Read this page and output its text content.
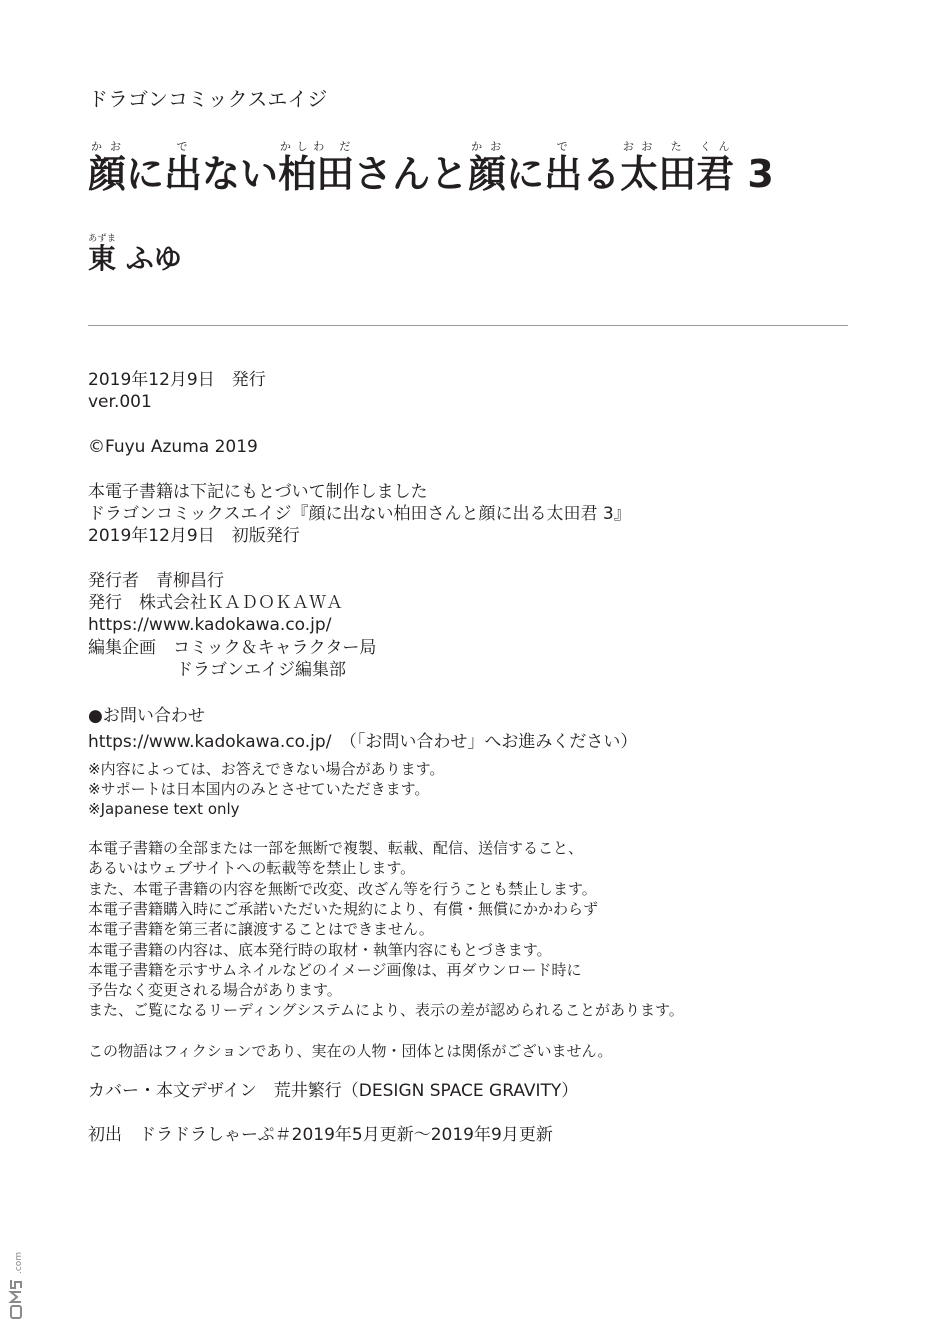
ドラゴンコミックスエイジ
顔かおに出でない柏田かしわ ださんと顔かおに出でる太田君おお た くん 3
東あずま ふゆ
2019年12月9日　発行
ver.001
©Fuyu Azuma 2019
本電子書籍は下記にもとづいて制作しました
ドラゴンコミックスエイジ『顔に出ない柏田さんと顔に出る太田君 3』
2019年12月9日　初版発行
発行者　青柳昌行
発行　株式会社ＫＡＤＯＫＡＷＡ
https://www.kadokawa.co.jp/
編集企画　コミック＆キャラクター局
ドラゴンエイジ編集部
●お問い合わせ
https://www.kadokawa.co.jp/　（「お問い合わせ」へお進みください）
※内容によっては、お答えできない場合があります。
※サポートは日本国内のみとさせていただきます。
※Japanese text only
本電子書籍の全部または一部を無断で複製、転載、配信、送信すること、
あるいはウェブサイトへの転載等を禁止します。
また、本電子書籍の内容を無断で改変、改ざん等を行うことも禁止します。
本電子書籍購入時にご承諾いただいた規約により、有償・無償にかかわらず
本電子書籍を第三者に譲渡することはできません。
本電子書籍の内容は、底本発行時の取材・執筆内容にもとづきます。
本電子書籍を示すサムネイルなどのイメージ画像は、再ダウンロード時に
予告なく変更される場合があります。
また、ご覧になるリーディングシステムにより、表示の差が認められることがあります。
この物語はフィクションであり、実在の人物・団体とは関係がございません。
カバー・本文デザイン　荒井繁行（DESIGN SPACE GRAVITY）
初出　ドラドラしゃーぷ＃2019年5月更新～2019年9月更新
.com
